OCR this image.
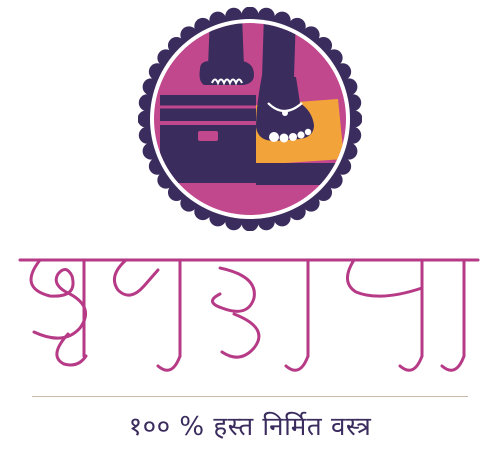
१०० % हस्त निर्मित वस्त्र
